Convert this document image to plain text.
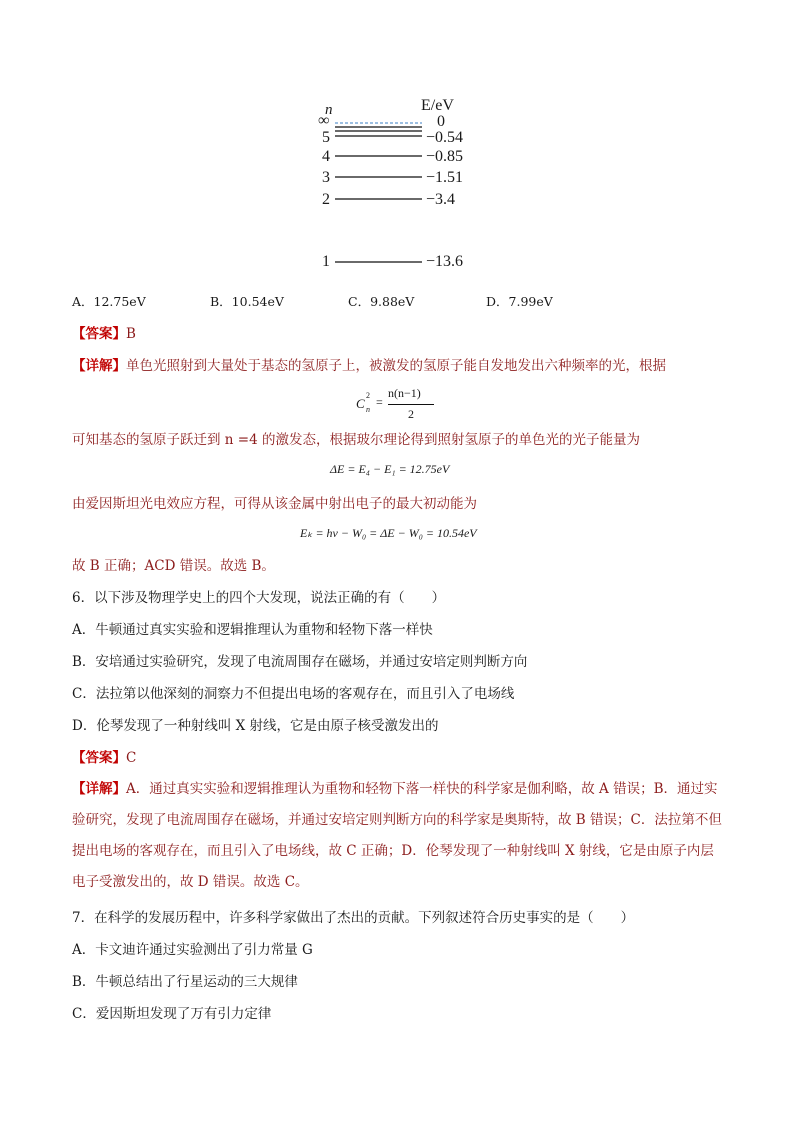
n	E/eV
∞	0
5	−0.54
4	−0.85
3	−1.51
2	−3.4
1	−13.6
A．12.75eV	B．10.54eV	C．9.88eV	D．7.99eV
【答案】B
【详解】单色光照射到大量处于基态的氢原子上，被激发的氢原子能自发地发出六种频率的光，根据
C
2
n
=
n(n−1)
2
可知基态的氢原子跃迁到 n =4 的激发态，根据玻尔理论得到照射氢原子的单色光的光子能量为
ΔE = E₄ − E₁ = 12.75eV
由爱因斯坦光电效应方程，可得从该金属中射出电子的最大初动能为
Eₖ = hν − W₀ = ΔE − W₀ = 10.54eV
故 B 正确；ACD 错误。故选 B。
6．以下涉及物理学史上的四个大发现，说法正确的有（　　）
A．牛顿通过真实实验和逻辑推理认为重物和轻物下落一样快
B．安培通过实验研究，发现了电流周围存在磁场，并通过安培定则判断方向
C．法拉第以他深刻的洞察力不但提出电场的客观存在，而且引入了电场线
D．伦琴发现了一种射线叫 X 射线，它是由原子核受激发出的
【答案】C
【详解】A．通过真实实验和逻辑推理认为重物和轻物下落一样快的科学家是伽利略，故 A 错误；B．通过实验研究，发现了电流周围存在磁场，并通过安培定则判断方向的科学家是奥斯特，故 B 错误；C．法拉第不但提出电场的客观存在，而且引入了电场线，故 C 正确；D．伦琴发现了一种射线叫 X 射线，它是由原子内层电子受激发出的，故 D 错误。故选 C。
7．在科学的发展历程中，许多科学家做出了杰出的贡献。下列叙述符合历史事实的是（　　）
A．卡文迪许通过实验测出了引力常量 G
B．牛顿总结出了行星运动的三大规律
C．爱因斯坦发现了万有引力定律
